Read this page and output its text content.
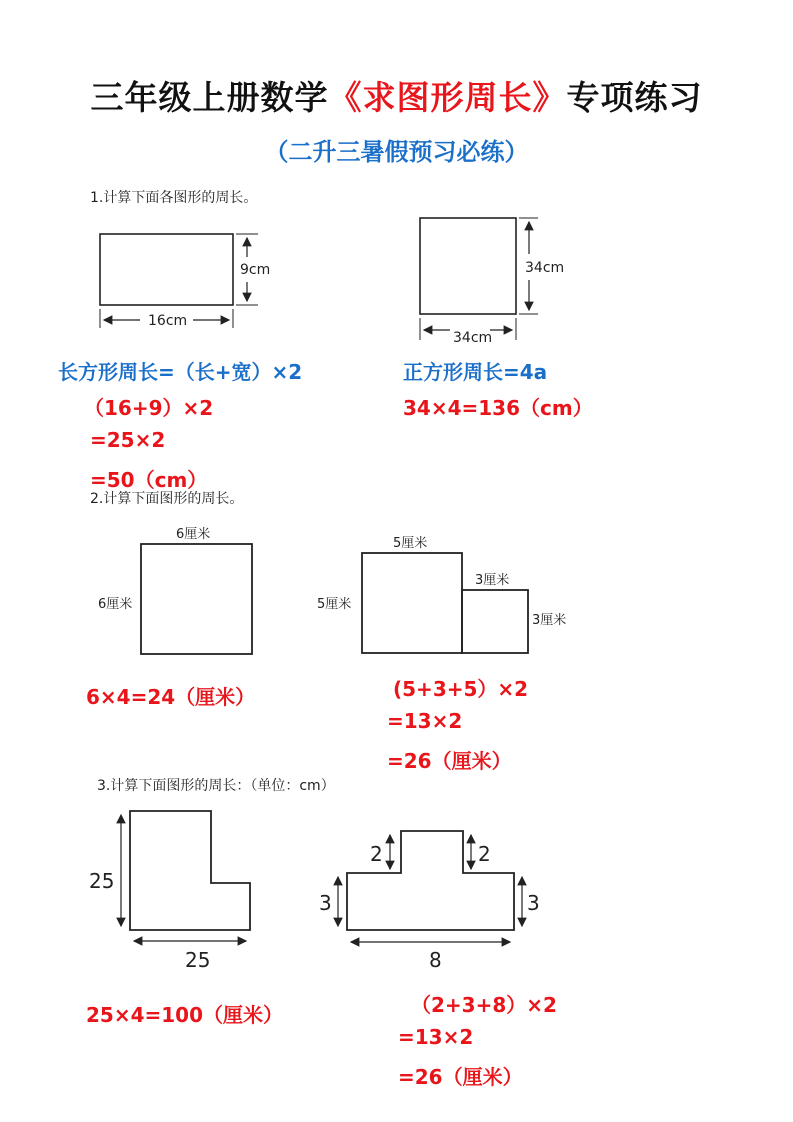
三年级上册数学《求图形周长》专项练习
（二升三暑假预习必练）
1.计算下面各图形的周长。
9cm
16cm
34cm
34cm
25
25
2	2
3	3
8
长方形周长=（长+宽）×2
（16+9）×2
=25×2
=50（cm）
正方形周长=4a
34×4=136（cm）
2.计算下面图形的周长。
6厘米
6厘米
5厘米
5厘米
3厘米
3厘米
6×4=24（厘米）	(5+3+5）×2
=13×2
=26（厘米）
3.计算下面图形的周长：（单位：cm）
25×4=100（厘米）	（2+3+8）×2
=13×2
=26（厘米）
